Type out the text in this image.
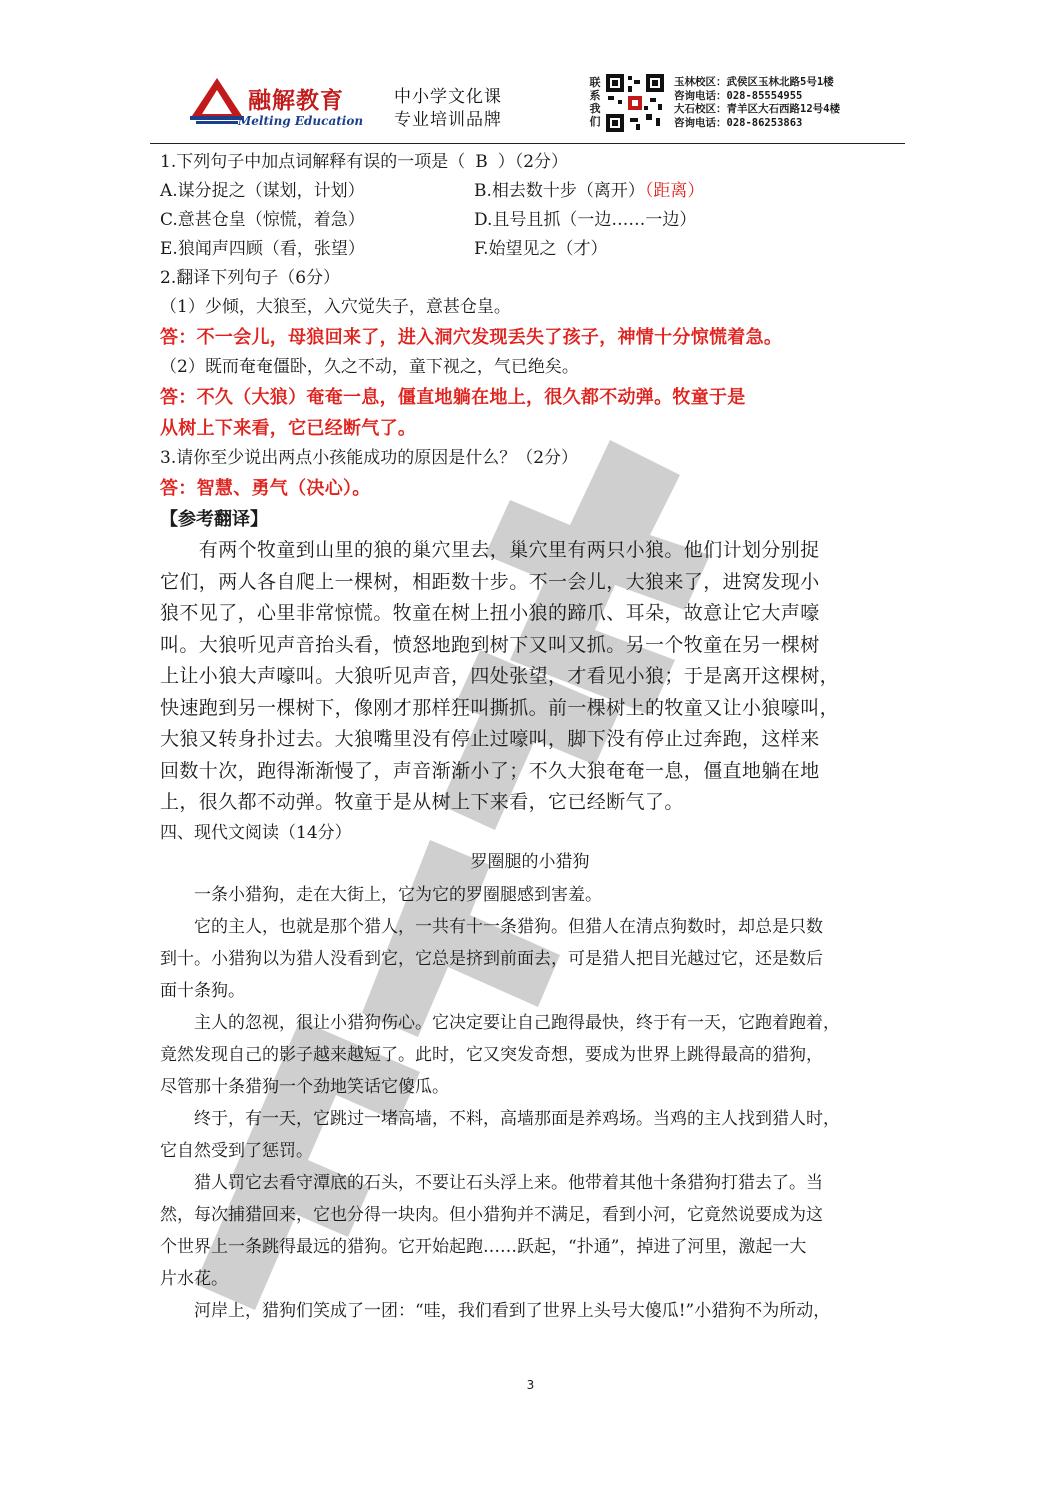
融解教育
Melting Education
中小学文化课
专业培训品牌
联
系
我
们
玉林校区：武侯区玉林北路5号1楼
咨询电话：028-85554955
大石校区：青羊区大石西路12号4楼
咨询电话：028-86253863

1.下列句子中加点词解释有误的一项是（ B ）（2分）

A.谋分捉之（谋划，计划）	B.相去数十步（离开）（距离）
C.意甚仓皇（惊慌，着急）	D.且号且抓（一边……一边）
E.狼闻声四顾（看，张望）	F.始望见之（才）

2.翻译下列句子（6分）

（1）少倾，大狼至，入穴觉失子，意甚仓皇。

答：不一会儿，母狼回来了，进入洞穴发现丢失了孩子，神情十分惊慌着急。

（2）既而奄奄僵卧，久之不动，童下视之，气已绝矣。

答：不久（大狼）奄奄一息，僵直地躺在地上，很久都不动弹。牧童于是

从树上下来看，它已经断气了。

3.请你至少说出两点小孩能成功的原因是什么？（2分）

答：智慧、勇气（决心）。

【参考翻译】

　　有两个牧童到山里的狼的巢穴里去，巢穴里有两只小狼。他们计划分别捉

它们，两人各自爬上一棵树，相距数十步。不一会儿，大狼来了，进窝发现小

狼不见了，心里非常惊慌。牧童在树上扭小狼的蹄爪、耳朵，故意让它大声嚎

叫。大狼听见声音抬头看，愤怒地跑到树下又叫又抓。另一个牧童在另一棵树

上让小狼大声嚎叫。大狼听见声音，四处张望，才看见小狼；于是离开这棵树，

快速跑到另一棵树下，像刚才那样狂叫撕抓。前一棵树上的牧童又让小狼嚎叫，

大狼又转身扑过去。大狼嘴里没有停止过嚎叫，脚下没有停止过奔跑，这样来

回数十次，跑得渐渐慢了，声音渐渐小了；不久大狼奄奄一息，僵直地躺在地

上，很久都不动弹。牧童于是从树上下来看，它已经断气了。

四、现代文阅读（14分）

罗圈腿的小猎狗

　　一条小猎狗，走在大街上，它为它的罗圈腿感到害羞。

　　它的主人，也就是那个猎人，一共有十一条猎狗。但猎人在清点狗数时，却总是只数

到十。小猎狗以为猎人没看到它，它总是挤到前面去，可是猎人把目光越过它，还是数后

面十条狗。

　　主人的忽视，很让小猎狗伤心。它决定要让自己跑得最快，终于有一天，它跑着跑着，

竟然发现自己的影子越来越短了。此时，它又突发奇想，要成为世界上跳得最高的猎狗，

尽管那十条猎狗一个劲地笑话它傻瓜。

　　终于，有一天，它跳过一堵高墙，不料，高墙那面是养鸡场。当鸡的主人找到猎人时，

它自然受到了惩罚。

　　猎人罚它去看守潭底的石头，不要让石头浮上来。他带着其他十条猎狗打猎去了。当

然，每次捕猎回来，它也分得一块肉。但小猎狗并不满足，看到小河，它竟然说要成为这

个世界上一条跳得最远的猎狗。它开始起跑……跃起，“扑通”，掉进了河里，激起一大

片水花。

　　河岸上，猎狗们笑成了一团：“哇，我们看到了世界上头号大傻瓜!”小猎狗不为所动，

3
